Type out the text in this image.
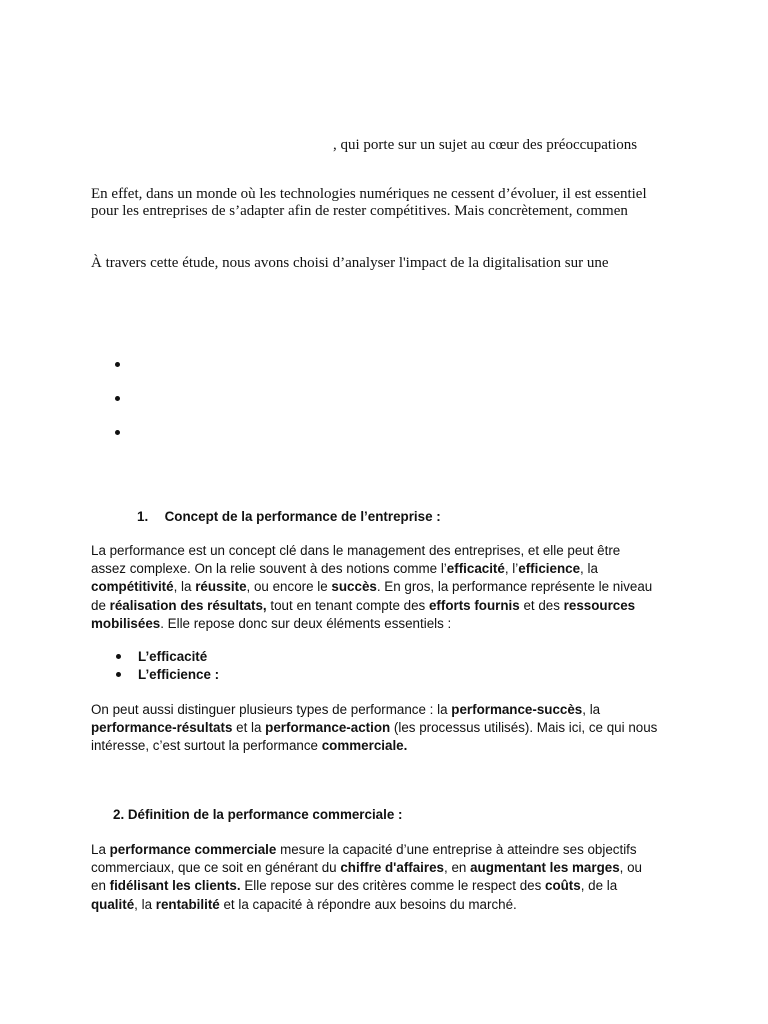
, qui porte sur un sujet au cœur des préoccupations

En effet, dans un monde où les technologies numériques ne cessent d’évoluer, il est essentiel
pour les entreprises de s’adapter afin de rester compétitives. Mais concrètement, commen

À travers cette étude, nous avons choisi d’analyser l'impact de la digitalisation sur une

1. Concept de la performance de l’entreprise :
La performance est un concept clé dans le management des entreprises, et elle peut être
assez complexe. On la relie souvent à des notions comme l’efficacité, l’efficience, la
compétitivité, la réussite, ou encore le succès. En gros, la performance représente le niveau
de réalisation des résultats, tout en tenant compte des efforts fournis et des ressources
mobilisées. Elle repose donc sur deux éléments essentiels :
L’efficacité
L’efficience :
On peut aussi distinguer plusieurs types de performance : la performance-succès, la
performance-résultats et la performance-action (les processus utilisés). Mais ici, ce qui nous
intéresse, c’est surtout la performance commerciale.
2. Définition de la performance commerciale :
La performance commerciale mesure la capacité d’une entreprise à atteindre ses objectifs
commerciaux, que ce soit en générant du chiffre d'affaires, en augmentant les marges, ou
en fidélisant les clients. Elle repose sur des critères comme le respect des coûts, de la
qualité, la rentabilité et la capacité à répondre aux besoins du marché.
